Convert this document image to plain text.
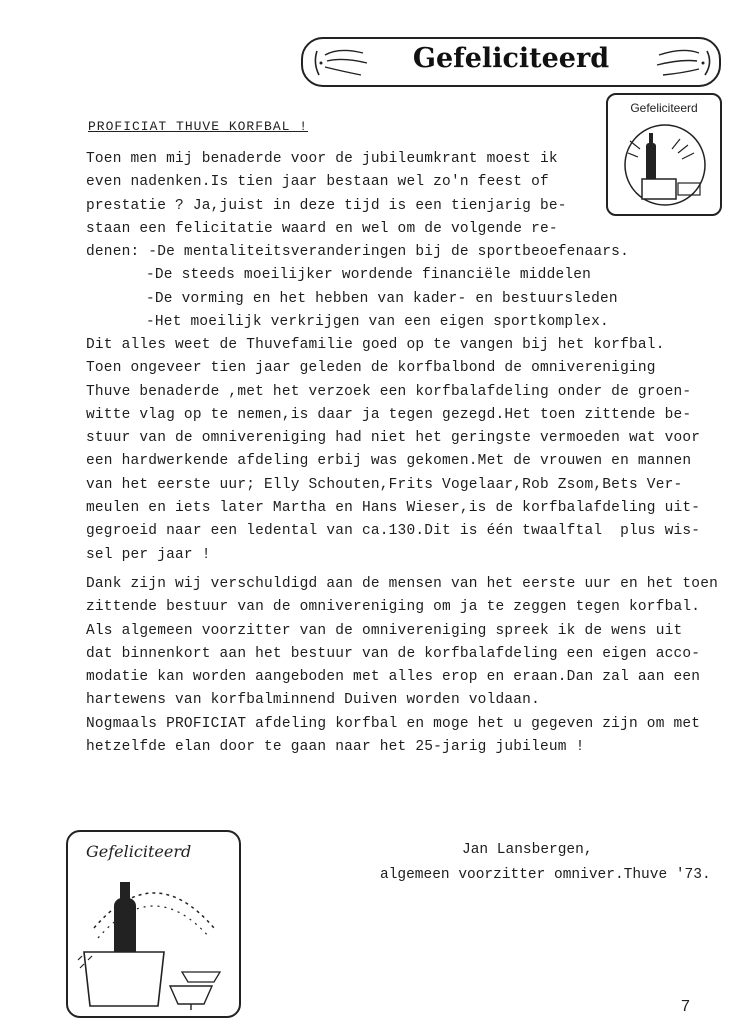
Gefeliciteerd
Gefeliciteerd
PROFICIAT THUVE KORFBAL !
Toen men mij benaderde voor de jubileumkrant moest ik
even nadenken.Is tien jaar bestaan wel zo'n feest of
prestatie ? Ja,juist in deze tijd is een tienjarig be-
staan een felicitatie waard en wel om de volgende re-
denen: -De mentaliteitsveranderingen bij de sportbeoefenaars.
-De steeds moeilijker wordende financiële middelen
-De vorming en het hebben van kader- en bestuursleden
-Het moeilijk verkrijgen van een eigen sportkomplex.
Dit alles weet de Thuvefamilie goed op te vangen bij het korfbal.
Toen ongeveer tien jaar geleden de korfbalbond de omnivereniging
Thuve benaderde ,met het verzoek een korfbalafdeling onder de groen-
witte vlag op te nemen,is daar ja tegen gezegd.Het toen zittende be-
stuur van de omnivereniging had niet het geringste vermoeden wat voor
een hardwerkende afdeling erbij was gekomen.Met de vrouwen en mannen
van het eerste uur; Elly Schouten,Frits Vogelaar,Rob Zsom,Bets Ver-
meulen en iets later Martha en Hans Wieser,is de korfbalafdeling uit-
gegroeid naar een ledental van ca.130.Dit is één twaalftal  plus wis-
sel per jaar !
Dank zijn wij verschuldigd aan de mensen van het eerste uur en het toen
zittende bestuur van de omnivereniging om ja te zeggen tegen korfbal.
Als algemeen voorzitter van de omnivereniging spreek ik de wens uit
dat binnenkort aan het bestuur van de korfbalafdeling een eigen acco-
modatie kan worden aangeboden met alles erop en eraan.Dan zal aan een
hartewens van korfbalminnend Duiven worden voldaan.
Nogmaals PROFICIAT afdeling korfbal en moge het u gegeven zijn om met
hetzelfde elan door te gaan naar het 25-jarig jubileum !
Gefeliciteerd	Jan Lansbergen,
algemeen voorzitter omniver.Thuve '73.
7
